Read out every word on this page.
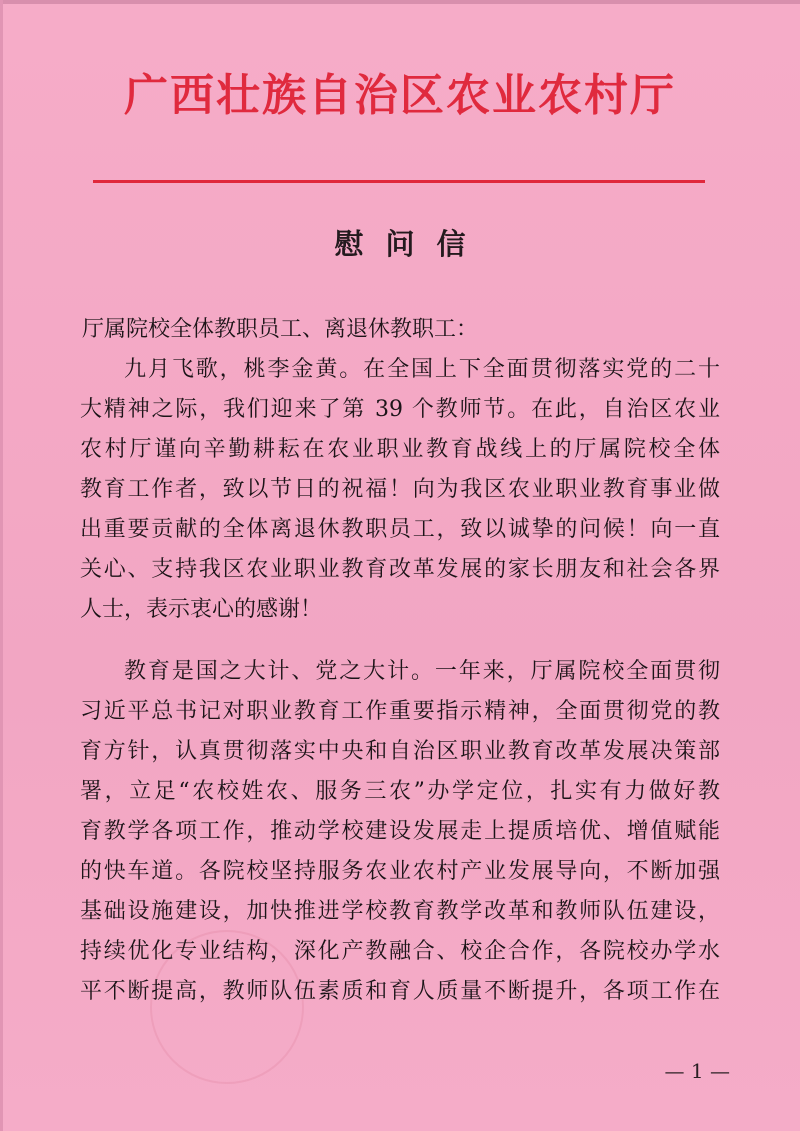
广西壮族自治区农业农村厅
慰问信
厅属院校全体教职员工、离退休教职工：
九月飞歌，桃李金黄。在全国上下全面贯彻落实党的二十
大精神之际，我们迎来了第 39 个教师节。在此，自治区农业
农村厅谨向辛勤耕耘在农业职业教育战线上的厅属院校全体
教育工作者，致以节日的祝福！向为我区农业职业教育事业做
出重要贡献的全体离退休教职员工，致以诚挚的问候！向一直
关心、支持我区农业职业教育改革发展的家长朋友和社会各界
人士，表示衷心的感谢！
教育是国之大计、党之大计。一年来，厅属院校全面贯彻
习近平总书记对职业教育工作重要指示精神，全面贯彻党的教
育方针，认真贯彻落实中央和自治区职业教育改革发展决策部
署，立足“农校姓农、服务三农”办学定位，扎实有力做好教
育教学各项工作，推动学校建设发展走上提质培优、增值赋能
的快车道。各院校坚持服务农业农村产业发展导向，不断加强
基础设施建设，加快推进学校教育教学改革和教师队伍建设，
持续优化专业结构，深化产教融合、校企合作，各院校办学水
平不断提高，教师队伍素质和育人质量不断提升，各项工作在
— 1 —
